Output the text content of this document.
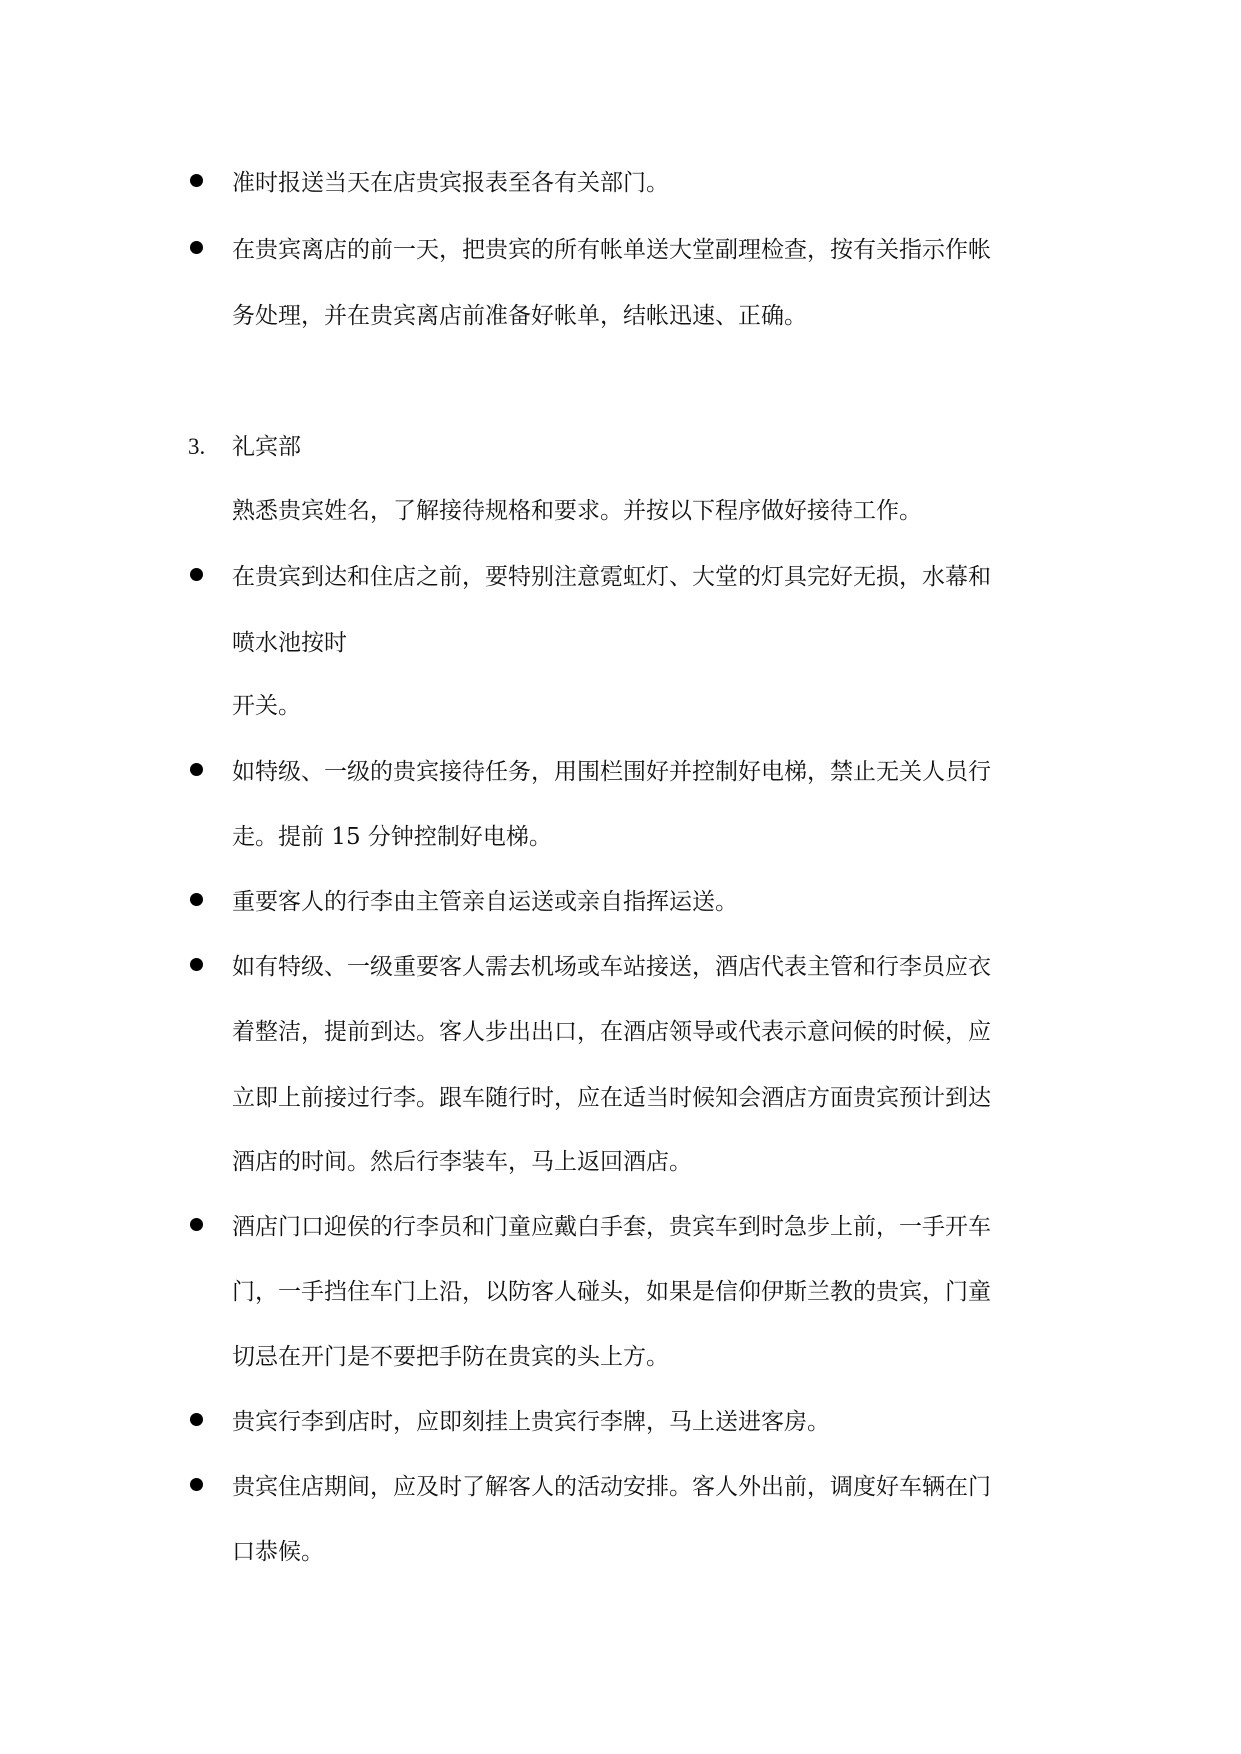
准时报送当天在店贵宾报表至各有关部门。
在贵宾离店的前一天，把贵宾的所有帐单送大堂副理检查，按有关指示作帐
务处理，并在贵宾离店前准备好帐单，结帐迅速、正确。
3. 礼宾部
熟悉贵宾姓名，了解接待规格和要求。并按以下程序做好接待工作。
在贵宾到达和住店之前，要特别注意霓虹灯、大堂的灯具完好无损，水幕和
喷水池按时
开关。
如特级、一级的贵宾接待任务，用围栏围好并控制好电梯，禁止无关人员行
走。提前 15 分钟控制好电梯。
重要客人的行李由主管亲自运送或亲自指挥运送。
如有特级、一级重要客人需去机场或车站接送，酒店代表主管和行李员应衣
着整洁，提前到达。客人步出出口，在酒店领导或代表示意问候的时候，应
立即上前接过行李。跟车随行时，应在适当时候知会酒店方面贵宾预计到达
酒店的时间。然后行李装车，马上返回酒店。
酒店门口迎侯的行李员和门童应戴白手套，贵宾车到时急步上前，一手开车
门，一手挡住车门上沿，以防客人碰头，如果是信仰伊斯兰教的贵宾，门童
切忌在开门是不要把手防在贵宾的头上方。
贵宾行李到店时，应即刻挂上贵宾行李牌，马上送进客房。
贵宾住店期间，应及时了解客人的活动安排。客人外出前，调度好车辆在门
口恭候。
